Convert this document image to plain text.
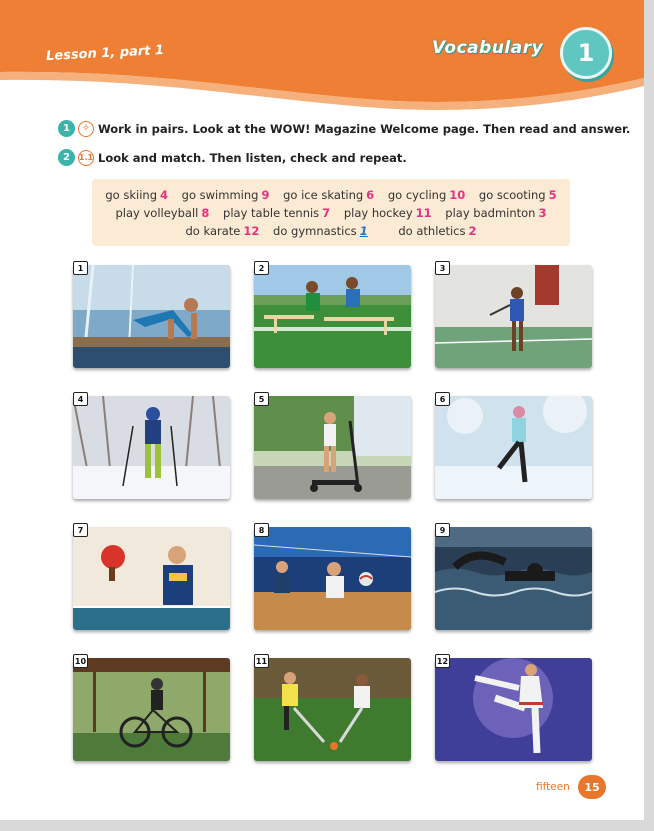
Lesson 1, part 1	Vocabulary 1
1	✧ Work in pairs. Look at the WOW! Magazine Welcome page. Then read and answer.
2	1.1 Look and match. Then listen, check and repeat.
go skiing 4 go swimming 9 go ice skating 6 go cycling 10 go scooting 5
play volleyball 8 play table tennis 7 play hockey 11 play badminton 3
do karate 12 do gymnastics 1	do athletics 2
1	2	3
4	5	6
7	8	9
10	11	12
fifteen	15
